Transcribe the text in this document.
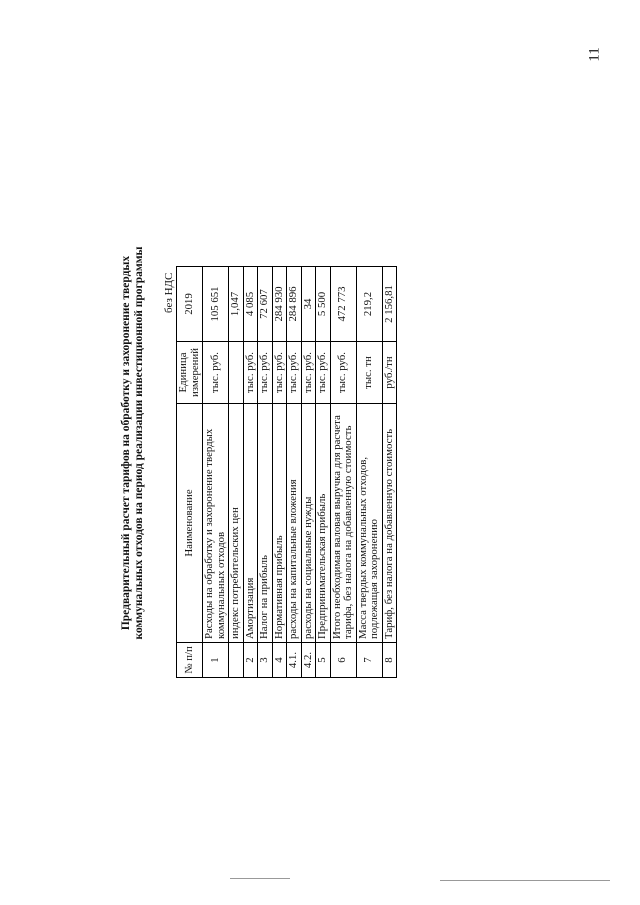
11
Предварительный расчет тарифов на обработку и захоронение твердых коммунальных отходов на период реализации инвестиционной программы без НДС
№ п/п	Наименование	Единица измерений	2019
1	Расходы на обработку и захоронение твердых коммунальных отходов	тыс. руб.	105 651
	индекс потребительских цен		1,047
2	Амортизация	тыс. руб.	4 085
3	Налог на прибыль	тыс. руб.	72 607
4	Нормативная прибыль	тыс. руб.	284 930
4.1.	расходы на капитальные вложения	тыс. руб.	284 896
4.2.	расходы на социальные нужды	тыс. руб.	34
5	Предпринимательская прибыль	тыс. руб.	5 500
6	Итого необходимая валовая выручка для расчета тарифа, без налога на добавленную стоимость	тыс. руб.	472 773
7	Масса твердых коммунальных отходов, подлежащая захоронению	тыс. тн	219,2
8	Тариф, без налога на добавленную стоимость	руб./тн	2 156,81
